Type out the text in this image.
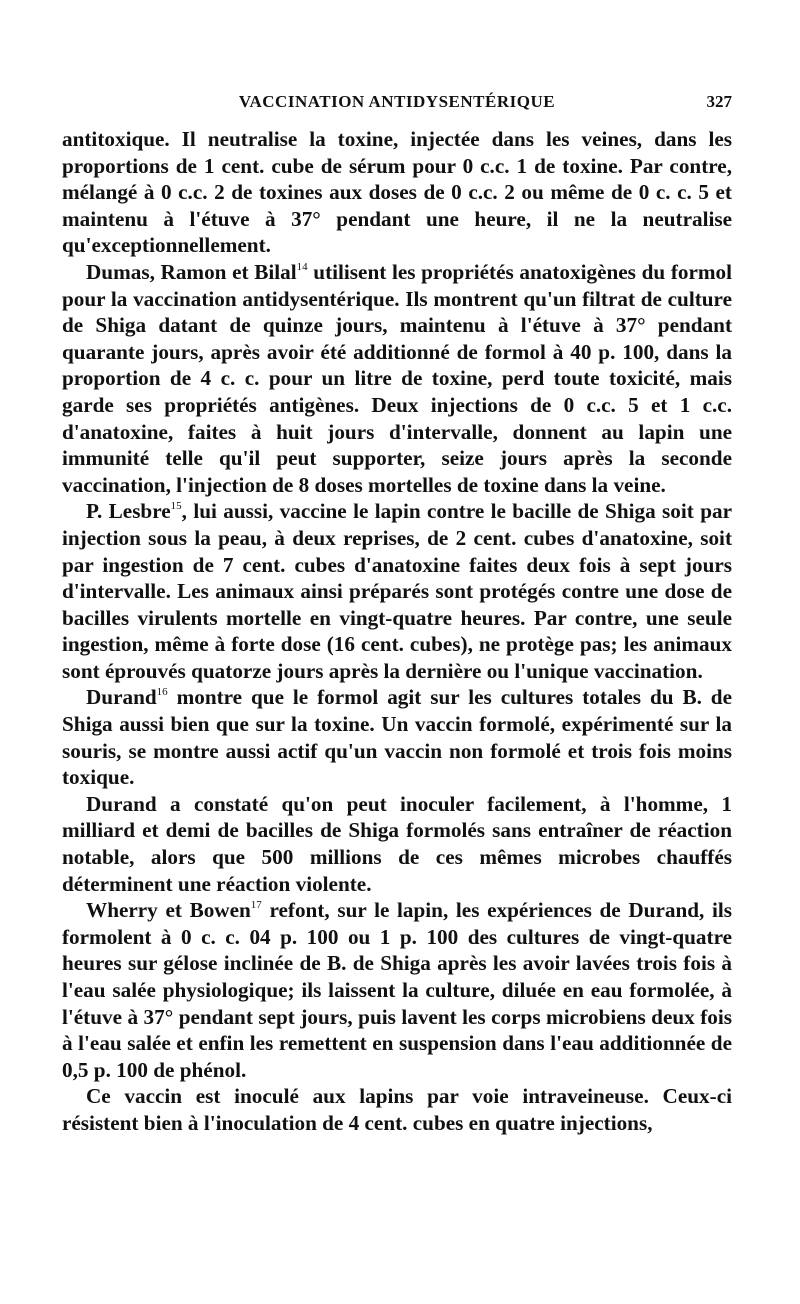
VACCINATION ANTIDYSENTÉRIQUE	327

antitoxique. Il neutralise la toxine, injectée dans les veines, dans les proportions de 1 cent. cube de sérum pour 0 c.c. 1 de toxine. Par contre, mélangé à 0 c.c. 2 de toxines aux doses de 0 c.c. 2 ou même de 0 c. c. 5 et maintenu à l'étuve à 37° pendant une heure, il ne la neutralise qu'exceptionnellement.

Dumas, Ramon et Bilal$^{14}$ utilisent les propriétés anatoxigènes du formol pour la vaccination antidysentérique. Ils montrent qu'un filtrat de culture de Shiga datant de quinze jours, maintenu à l'étuve à 37° pendant quarante jours, après avoir été additionné de formol à 40 p. 100, dans la proportion de 4 c. c. pour un litre de toxine, perd toute toxicité, mais garde ses propriétés antigènes. Deux injections de 0 c.c. 5 et 1 c.c. d'anatoxine, faites à huit jours d'intervalle, donnent au lapin une immunité telle qu'il peut supporter, seize jours après la seconde vaccination, l'injection de 8 doses mortelles de toxine dans la veine.

P. Lesbre$^{15}$, lui aussi, vaccine le lapin contre le bacille de Shiga soit par injection sous la peau, à deux reprises, de 2 cent. cubes d'anatoxine, soit par ingestion de 7 cent. cubes d'anatoxine faites deux fois à sept jours d'intervalle. Les animaux ainsi préparés sont protégés contre une dose de bacilles virulents mortelle en vingt-quatre heures. Par contre, une seule ingestion, même à forte dose (16 cent. cubes), ne protège pas; les animaux sont éprouvés quatorze jours après la dernière ou l'unique vaccination.

Durand$^{16}$ montre que le formol agit sur les cultures totales du B. de Shiga aussi bien que sur la toxine. Un vaccin formolé, expérimenté sur la souris, se montre aussi actif qu'un vaccin non formolé et trois fois moins toxique.

Durand a constaté qu'on peut inoculer facilement, à l'homme, 1 milliard et demi de bacilles de Shiga formolés sans entraîner de réaction notable, alors que 500 millions de ces mêmes microbes chauffés déterminent une réaction violente.

Wherry et Bowen$^{17}$ refont, sur le lapin, les expériences de Durand, ils formolent à 0 c. c. 04 p. 100 ou 1 p. 100 des cultures de vingt-quatre heures sur gélose inclinée de B. de Shiga après les avoir lavées trois fois à l'eau salée physiologique; ils laissent la culture, diluée en eau formolée, à l'étuve à 37° pendant sept jours, puis lavent les corps microbiens deux fois à l'eau salée et enfin les remettent en suspension dans l'eau additionnée de 0,5 p. 100 de phénol.

Ce vaccin est inoculé aux lapins par voie intraveineuse. Ceux-ci résistent bien à l'inoculation de 4 cent. cubes en quatre injections,
